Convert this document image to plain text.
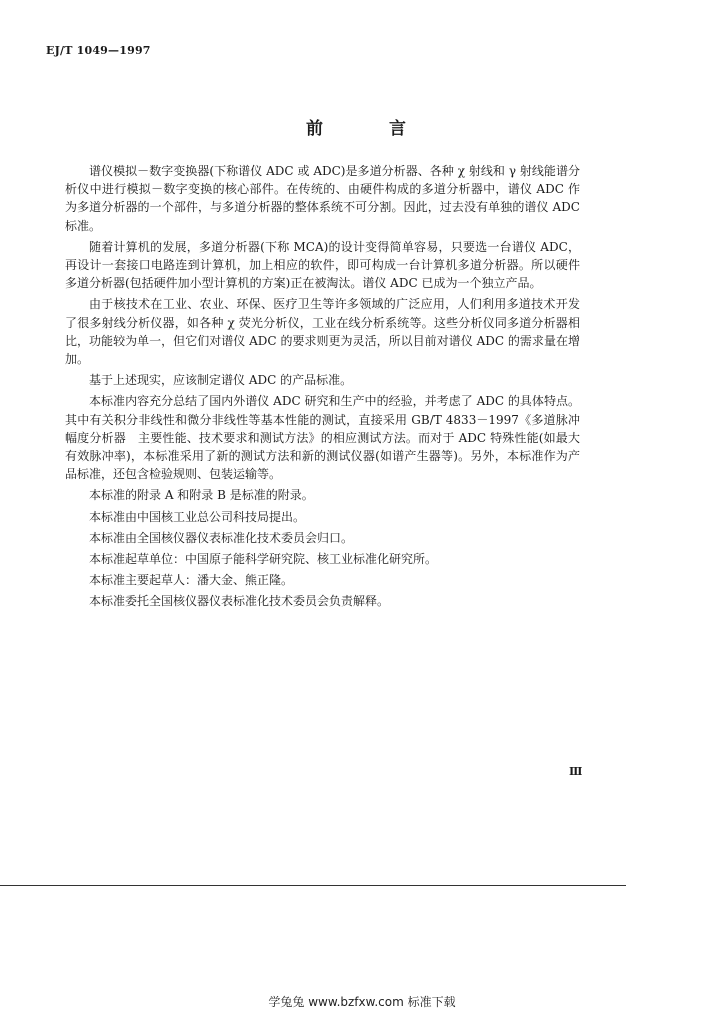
EJ/T 1049—1997
前 言

谱仪模拟－数字变换器(下称谱仪 ADC 或 ADC)是多道分析器、各种 χ 射线和 γ 射线能谱分析仪中进行模拟－数字变换的核心部件。在传统的、由硬件构成的多道分析器中，谱仪 ADC 作为多道分析器的一个部件，与多道分析器的整体系统不可分割。因此，过去没有单独的谱仪 ADC 标准。

随着计算机的发展，多道分析器(下称 MCA)的设计变得简单容易，只要选一台谱仪 ADC，再设计一套接口电路连到计算机，加上相应的软件，即可构成一台计算机多道分析器。所以硬件多道分析器(包括硬件加小型计算机的方案)正在被淘汰。谱仪 ADC 已成为一个独立产品。

由于核技术在工业、农业、环保、医疗卫生等许多领域的广泛应用，人们利用多道技术开发了很多射线分析仪器，如各种 χ 荧光分析仪，工业在线分析系统等。这些分析仪同多道分析器相比，功能较为单一，但它们对谱仪 ADC 的要求则更为灵活，所以目前对谱仪 ADC 的需求量在增加。

基于上述现实，应该制定谱仪 ADC 的产品标准。

本标准内容充分总结了国内外谱仪 ADC 研究和生产中的经验，并考虑了 ADC 的具体特点。其中有关积分非线性和微分非线性等基本性能的测试，直接采用 GB/T 4833－1997《多道脉冲幅度分析器　主要性能、技术要求和测试方法》的相应测试方法。而对于 ADC 特殊性能(如最大有效脉冲率)，本标准采用了新的测试方法和新的测试仪器(如谱产生器等)。另外，本标准作为产品标准，还包含检验规则、包装运输等。

本标准的附录 A 和附录 B 是标准的附录。

本标准由中国核工业总公司科技局提出。

本标准由全国核仪器仪表标准化技术委员会归口。

本标准起草单位：中国原子能科学研究院、核工业标准化研究所。

本标准主要起草人：潘大金、熊正隆。

本标准委托全国核仪器仪表标准化技术委员会负责解释。

Ⅲ
学兔兔 www.bzfxw.com 标准下载
